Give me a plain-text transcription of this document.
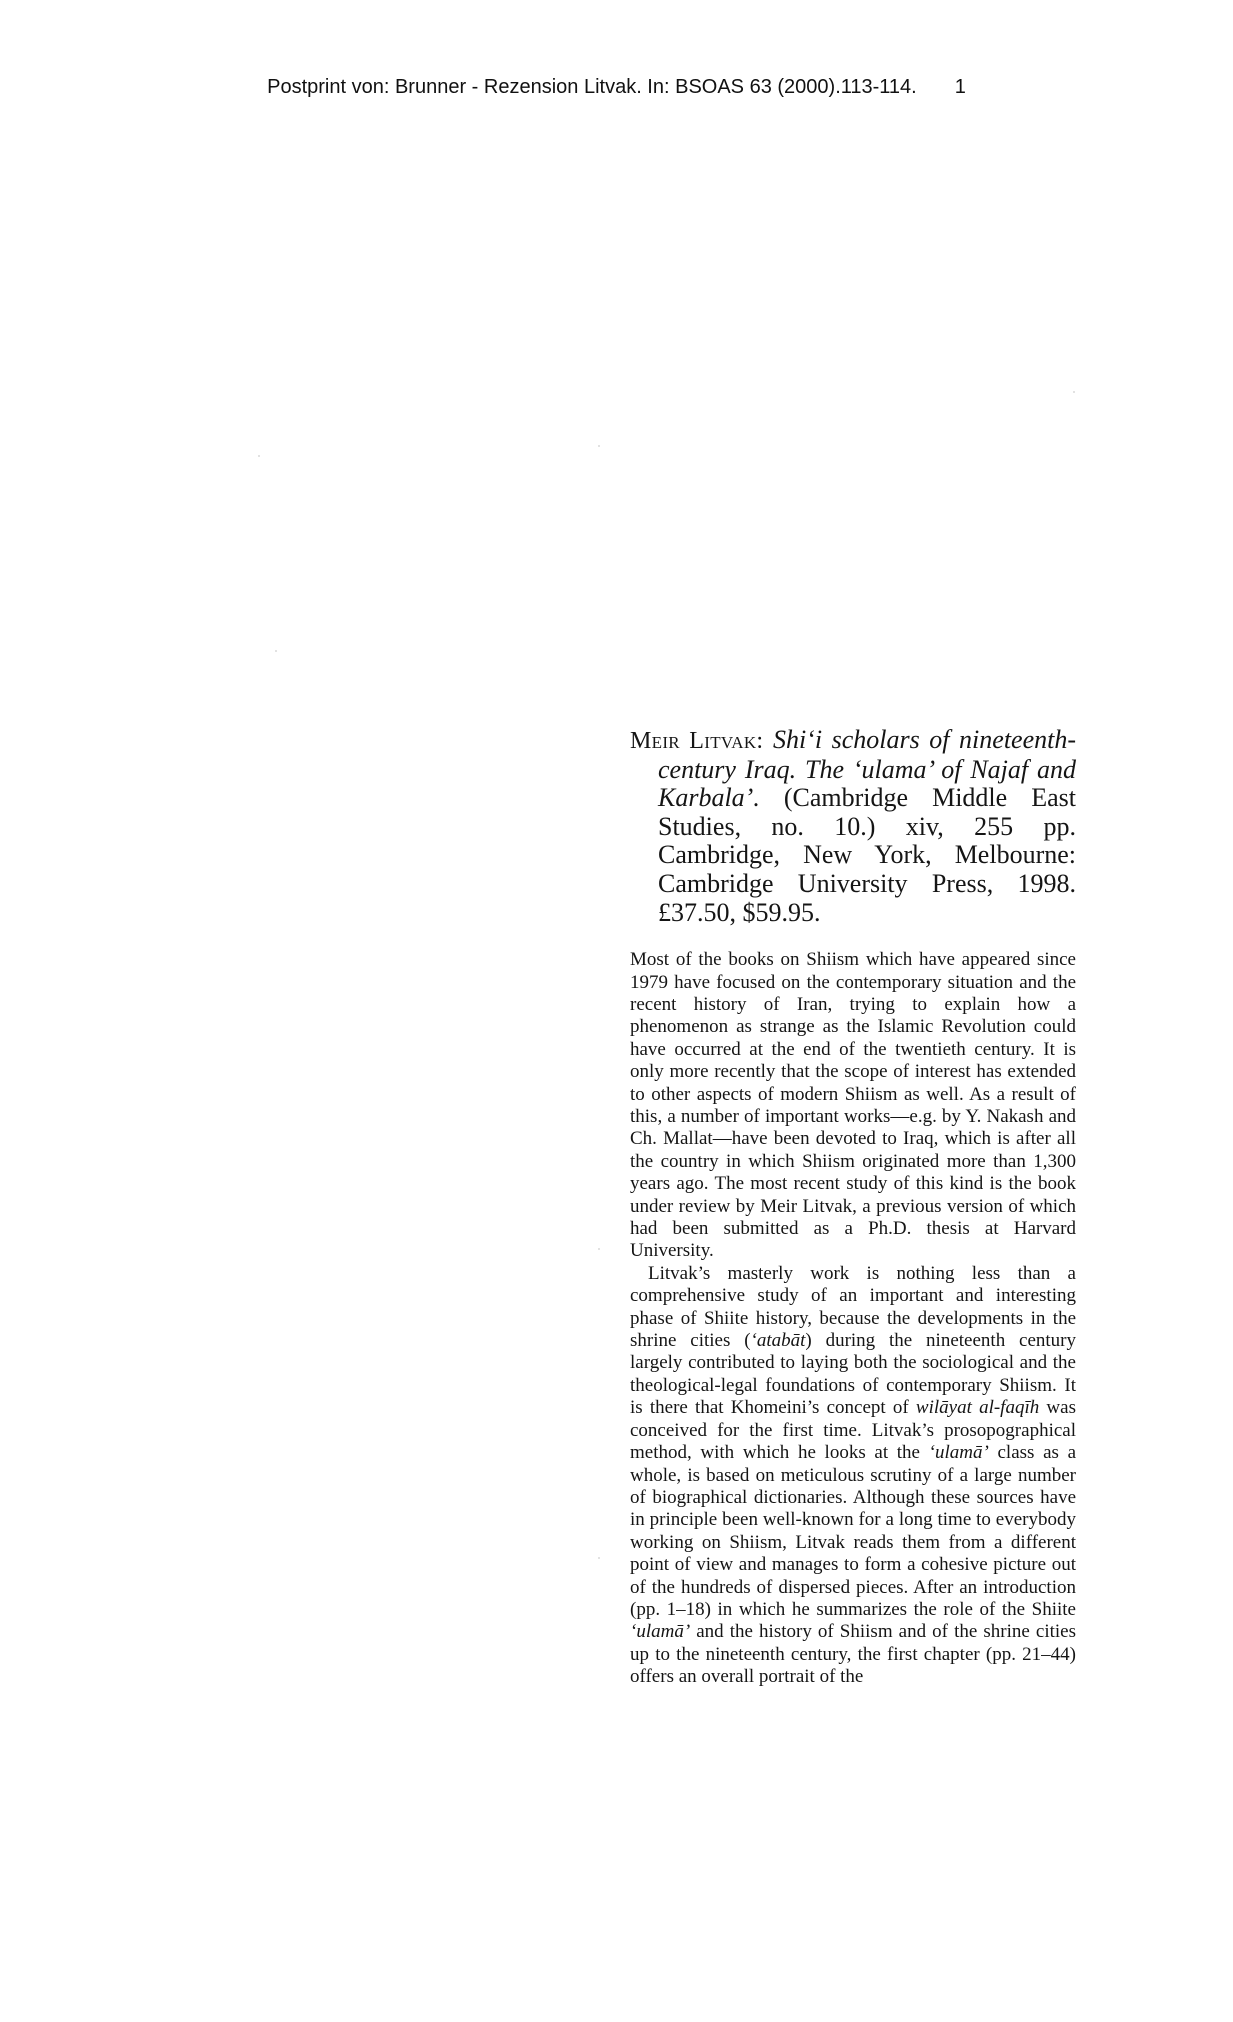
Postprint von: Brunner - Rezension Litvak. In: BSOAS 63 (2000).113-114. 1

Meir Litvak: Shi‘i scholars of nineteenth-century Iraq. The ‘ulama’ of Najaf and Karbala’. (Cambridge Middle East Studies, no. 10.) xiv, 255 pp. Cambridge, New York, Melbourne: Cambridge University Press, 1998. £37.50, $59.95.

Most of the books on Shiism which have appeared since 1979 have focused on the contemporary situation and the recent history of Iran, trying to explain how a phenomenon as strange as the Islamic Revolution could have occurred at the end of the twentieth century. It is only more recently that the scope of interest has extended to other aspects of modern Shiism as well. As a result of this, a number of important works—e.g. by Y. Nakash and Ch. Mallat—have been devoted to Iraq, which is after all the country in which Shiism originated more than 1,300 years ago. The most recent study of this kind is the book under review by Meir Litvak, a previous version of which had been submitted as a Ph.D. thesis at Harvard University.

Litvak’s masterly work is nothing less than a comprehensive study of an important and interesting phase of Shiite history, because the developments in the shrine cities (‘atabāt) during the nineteenth century largely contributed to laying both the sociological and the theological-legal foundations of contemporary Shiism. It is there that Khomeini’s concept of wilāyat al-faqīh was conceived for the first time. Litvak’s prosopographical method, with which he looks at the ‘ulamā’ class as a whole, is based on meticulous scrutiny of a large number of biographical dictionaries. Although these sources have in principle been well-known for a long time to everybody working on Shiism, Litvak reads them from a different point of view and manages to form a cohesive picture out of the hundreds of dispersed pieces. After an introduction (pp. 1–18) in which he summarizes the role of the Shiite ‘ulamā’ and the history of Shiism and of the shrine cities up to the nineteenth century, the first chapter (pp. 21–44) offers an overall portrait of the
